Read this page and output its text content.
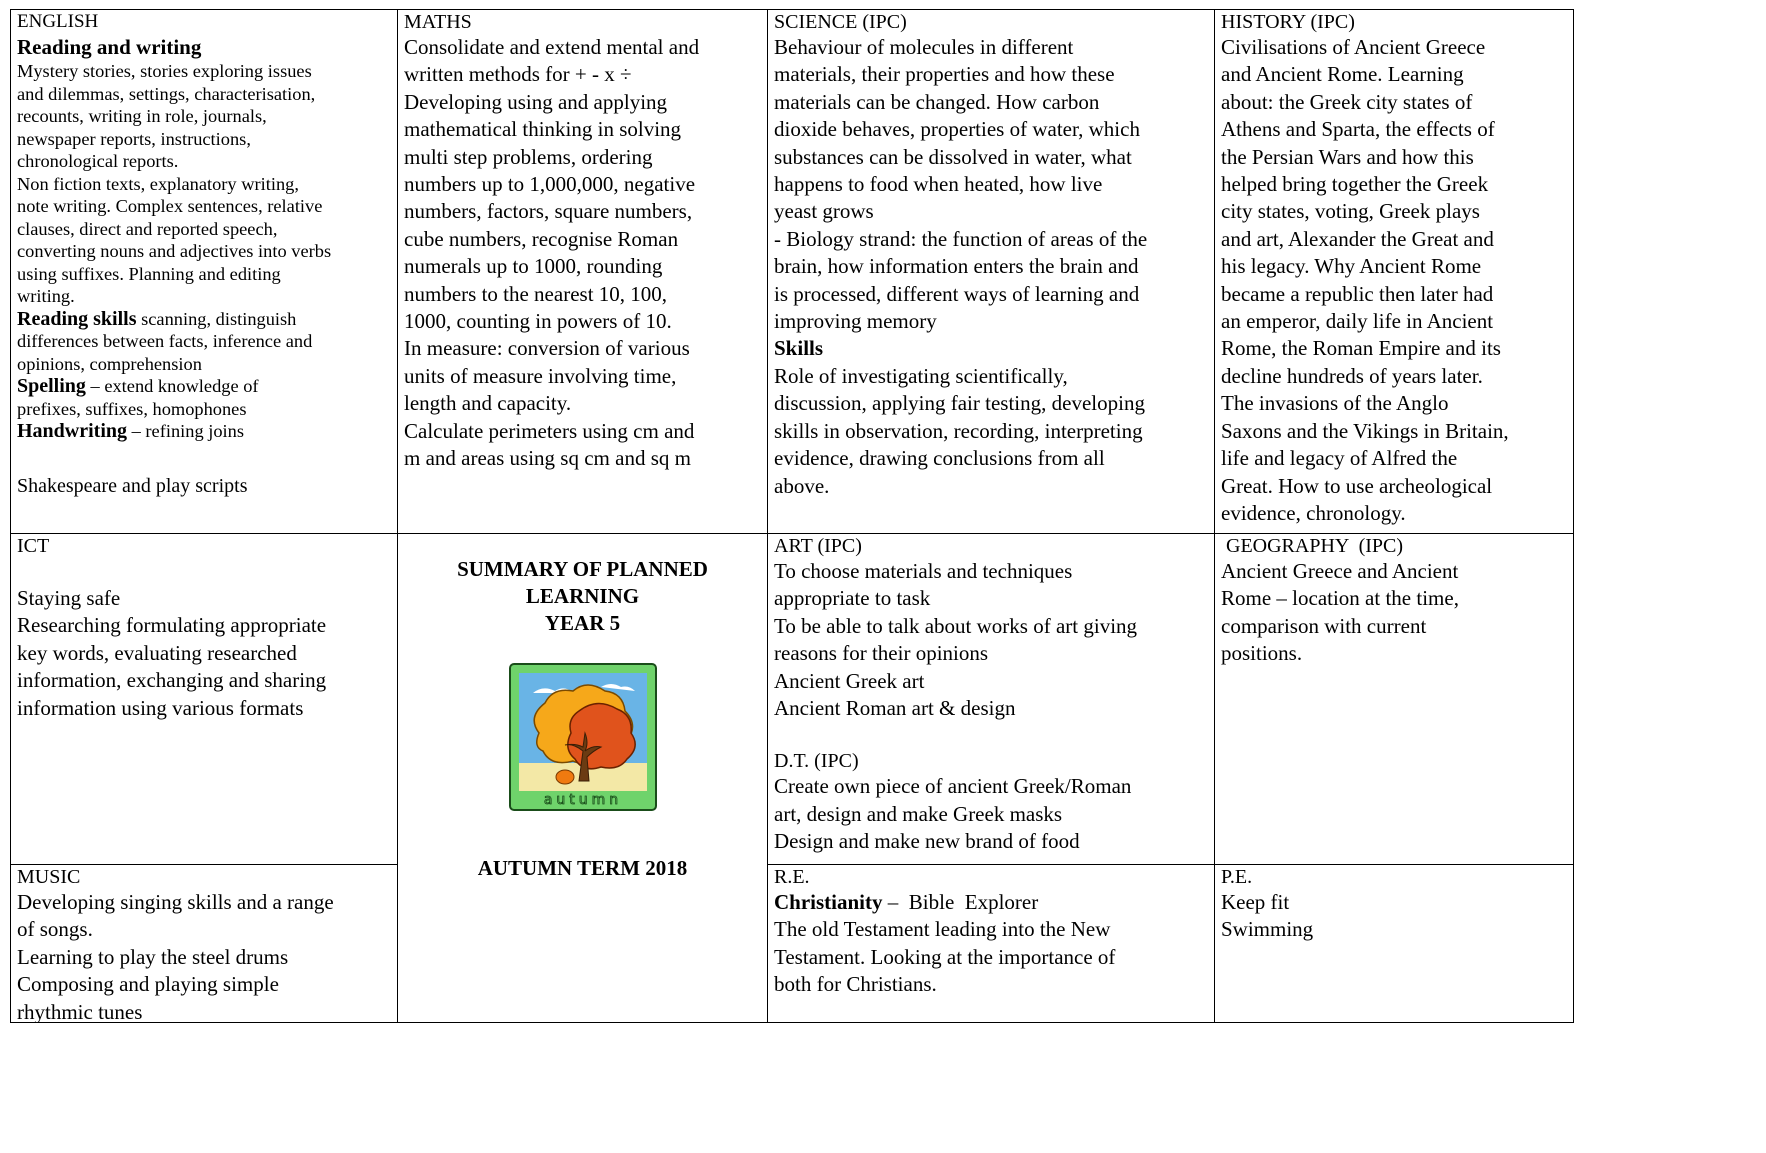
ENGLISH
Reading and writing
Mystery stories, stories exploring issues
and dilemmas, settings, characterisation,
recounts, writing in role, journals,
newspaper reports, instructions,
chronological reports.
Non fiction texts, explanatory writing,
note writing. Complex sentences, relative
clauses, direct and reported speech,
converting nouns and adjectives into verbs
using suffixes. Planning and editing
writing.
Reading skills scanning, distinguish
differences between facts, inference and
opinions, comprehension
Spelling – extend knowledge of
prefixes, suffixes, homophones
Handwriting – refining joins
Shakespeare and play scripts
MATHS
Consolidate and extend mental and
written methods for + - x ÷
Developing using and applying
mathematical thinking in solving
multi step problems, ordering
numbers up to 1,000,000, negative
numbers, factors, square numbers,
cube numbers, recognise Roman
numerals up to 1000, rounding
numbers to the nearest 10, 100,
1000, counting in powers of 10.
In measure: conversion of various
units of measure involving time,
length and capacity.
Calculate perimeters using cm and
m and areas using sq cm and sq m
SCIENCE (IPC)
Behaviour of molecules in different
materials, their properties and how these
materials can be changed. How carbon
dioxide behaves, properties of water, which
substances can be dissolved in water, what
happens to food when heated, how live
yeast grows
- Biology strand: the function of areas of the
brain, how information enters the brain and
is processed, different ways of learning and
improving memory
Skills
Role of investigating scientifically,
discussion, applying fair testing, developing
skills in observation, recording, interpreting
evidence, drawing conclusions from all
above.
HISTORY (IPC)
Civilisations of Ancient Greece
and Ancient Rome. Learning
about: the Greek city states of
Athens and Sparta, the effects of
the Persian Wars and how this
helped bring together the Greek
city states, voting, Greek plays
and art, Alexander the Great and
his legacy. Why Ancient Rome
became a republic then later had
an emperor, daily life in Ancient
Rome, the Roman Empire and its
decline hundreds of years later.
The invasions of the Anglo
Saxons and the Vikings in Britain,
life and legacy of Alfred the
Great. How to use archeological
evidence, chronology.
ICT
Staying safe
Researching formulating appropriate
key words, evaluating researched
information, exchanging and sharing
information using various formats
SUMMARY OF PLANNED
LEARNING
YEAR 5
autumn
AUTUMN TERM 2018
ART (IPC)
To choose materials and techniques
appropriate to task
To be able to talk about works of art giving
reasons for their opinions
Ancient Greek art
Ancient Roman art & design
D.T. (IPC)
Create own piece of ancient Greek/Roman
art, design and make Greek masks
Design and make new brand of food
GEOGRAPHY  (IPC)
Ancient Greece and Ancient
Rome – location at the time,
comparison with current
positions.
MUSIC
Developing singing skills and a range
of songs.
Learning to play the steel drums
Composing and playing simple
rhythmic tunes
R.E.
Christianity –  Bible  Explorer
The old Testament leading into the New
Testament. Looking at the importance of
both for Christians.
P.E.
Keep fit
Swimming
